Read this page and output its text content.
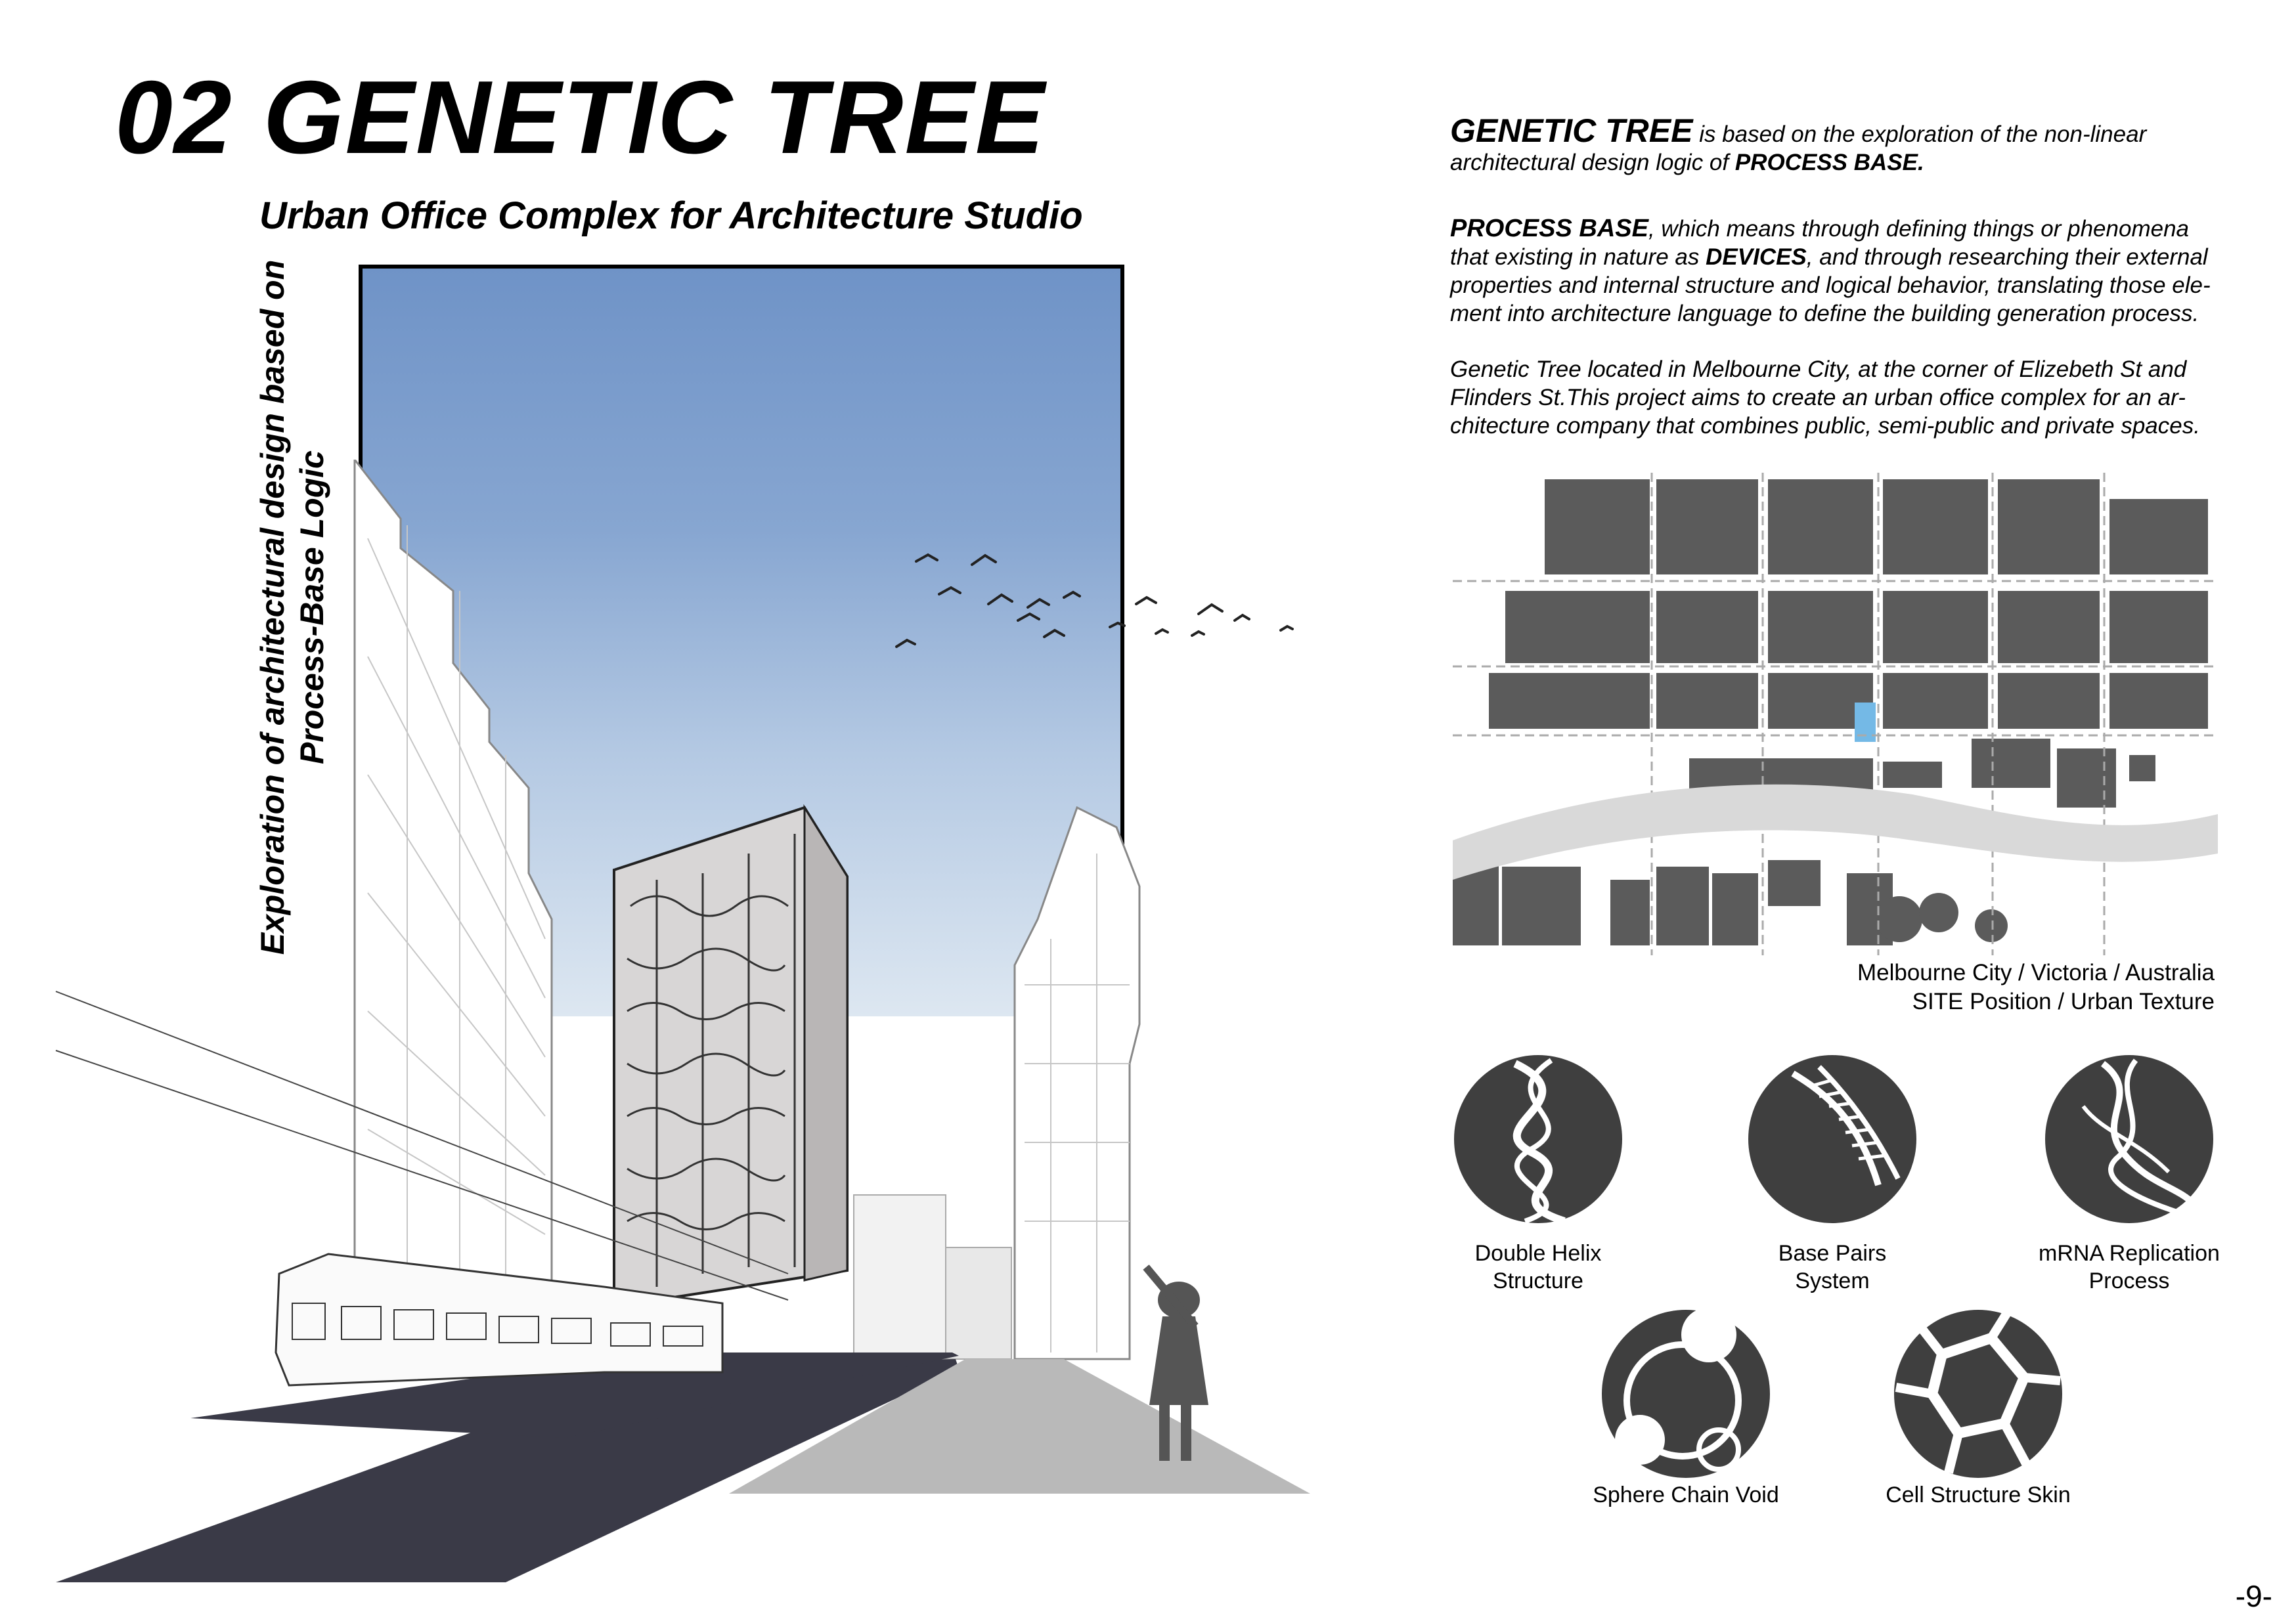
02 GENETIC TREE
Urban Office Complex for Architecture Studio
Exploration of architectural design based on Process-Base Logic
GENETIC TREE is based on the exploration of the non-linear
architectural design logic of PROCESS BASE.
PROCESS BASE, which means through defining things or phenomena
that existing in nature as DEVICES, and through researching their external
properties and internal structure and logical behavior, translating those ele-
ment into architecture language to define the building generation process.
Genetic Tree located in Melbourne City, at the corner of Elizebeth St and
Flinders St.This project aims to create an urban office complex for an ar-
chitecture company that combines public, semi-public and private spaces.
Melbourne City / Victoria / Australia
SITE Position / Urban Texture
Double Helix
Structure
Base Pairs
System
mRNA Replication
Process
Sphere Chain Void	Cell Structure Skin
-9-
